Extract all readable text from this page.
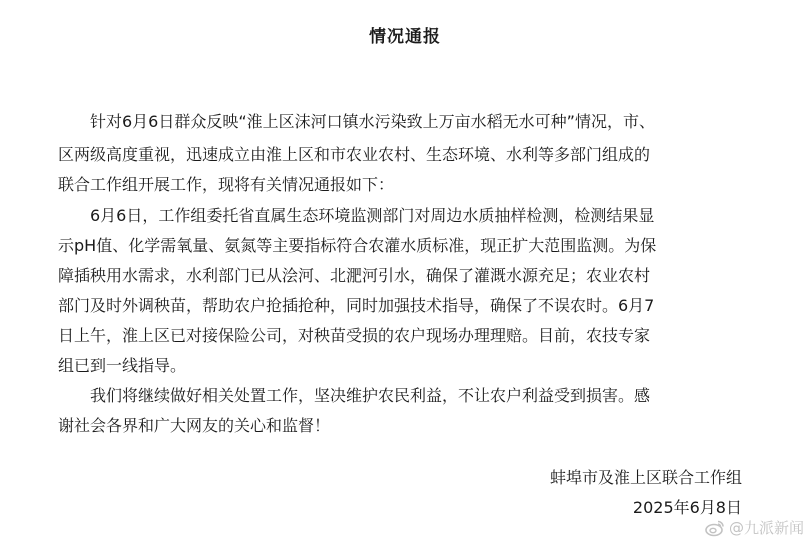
情况通报
　　针对6月6日群众反映“淮上区沫河口镇水污染致上万亩水稻无水可种”情况，市、
区两级高度重视，迅速成立由淮上区和市农业农村、生态环境、水利等多部门组成的
联合工作组开展工作，现将有关情况通报如下：
　　6月6日，工作组委托省直属生态环境监测部门对周边水质抽样检测，检测结果显
示pH值、化学需氧量、氨氮等主要指标符合农灌水质标准，现正扩大范围监测。为保
障插秧用水需求，水利部门已从浍河、北淝河引水，确保了灌溉水源充足；农业农村
部门及时外调秧苗，帮助农户抢插抢种，同时加强技术指导，确保了不误农时。6月7
日上午，淮上区已对接保险公司，对秧苗受损的农户现场办理理赔。目前，农技专家
组已到一线指导。
　　我们将继续做好相关处置工作，坚决维护农民利益，不让农户利益受到损害。感
谢社会各界和广大网友的关心和监督！
蚌埠市及淮上区联合工作组
2025年6月8日
@九派新闻
